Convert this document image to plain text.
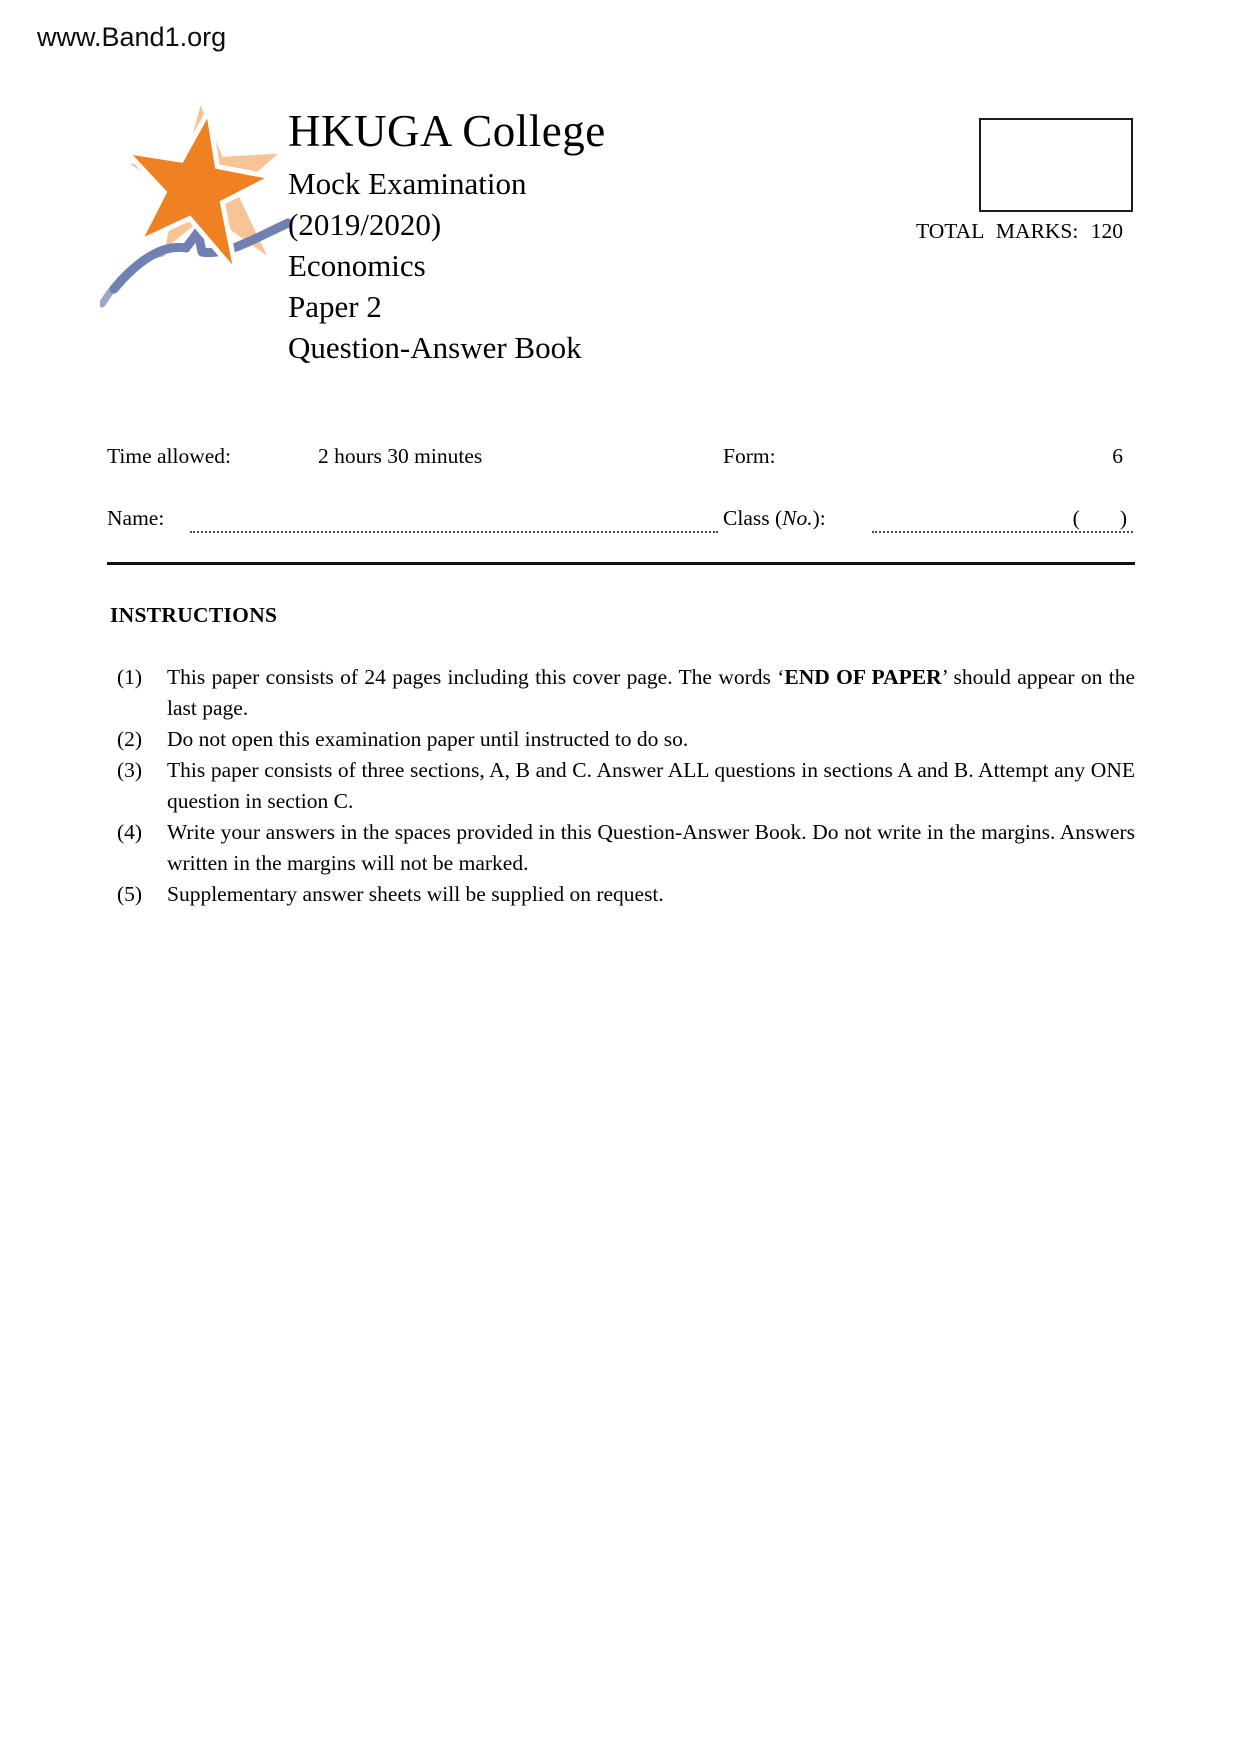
www.Band1.org
HKUGA College
Mock Examination
(2019/2020)
Economics
Paper 2
Question-Answer Book
TOTAL MARKS: 120
Time allowed:	2 hours 30 minutes	Form:	6
Name:	Class (No.):	( )
INSTRUCTIONS
(1) This paper consists of 24 pages including this cover page. The words ‘END OF PAPER’ should appear on the last page.
(2) Do not open this examination paper until instructed to do so.
(3) This paper consists of three sections, A, B and C. Answer ALL questions in sections A and B. Attempt any ONE question in section C.
(4) Write your answers in the spaces provided in this Question-Answer Book. Do not write in the margins. Answers written in the margins will not be marked.
(5) Supplementary answer sheets will be supplied on request.
